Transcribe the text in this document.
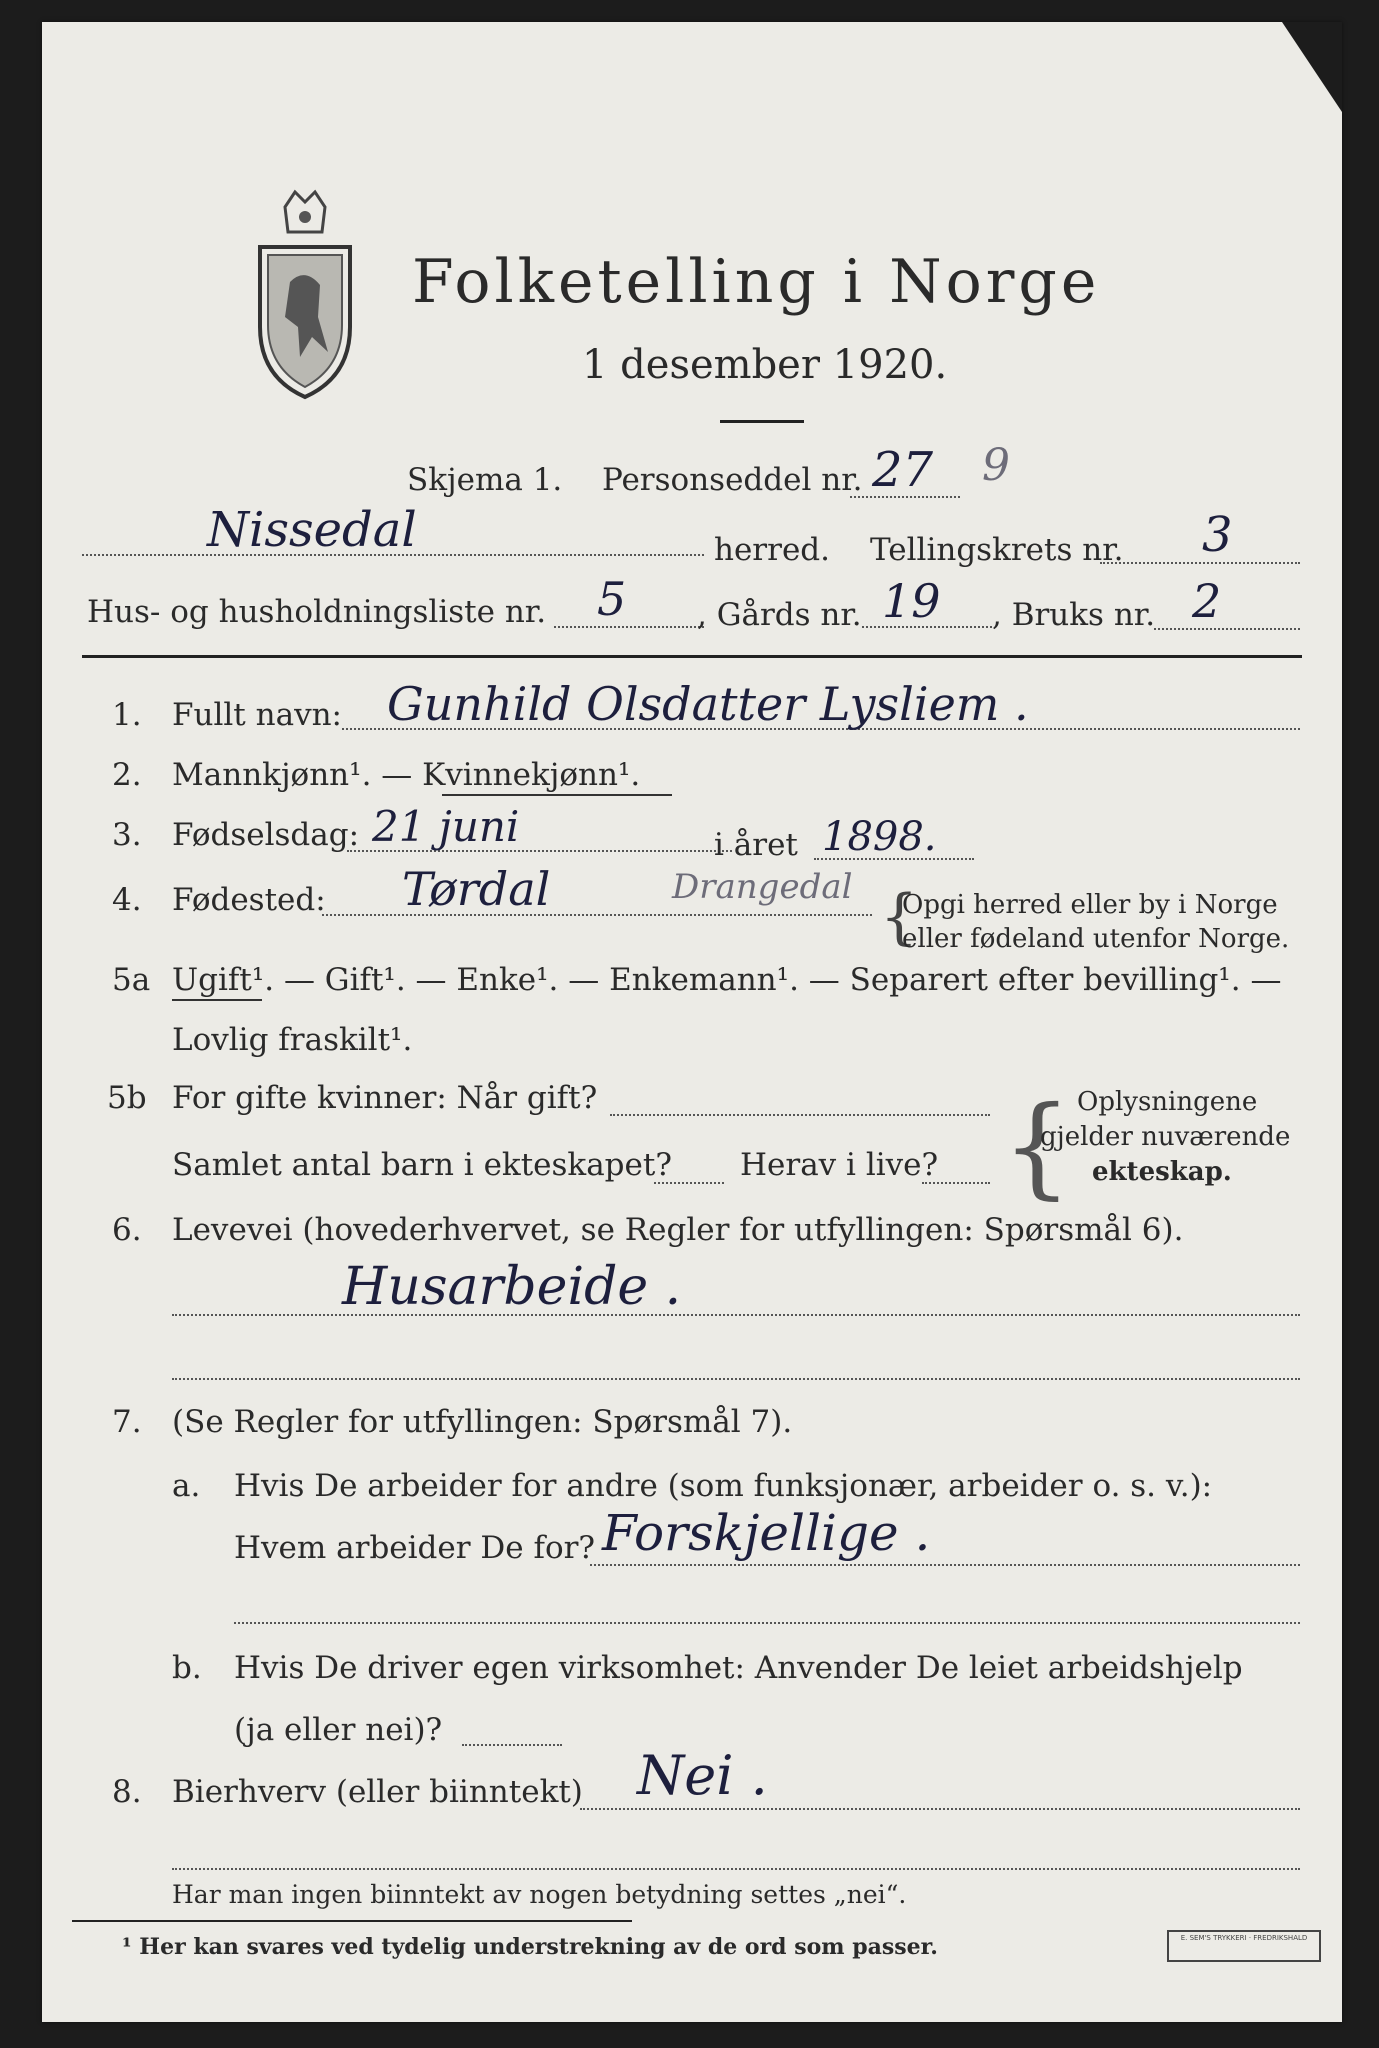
Folketelling i Norge
1 desember 1920.
Skjema 1. Personseddel nr. 27 9
Nissedal	herred. Tellingskrets nr. 3
Hus- og husholdningsliste nr. 5 , Gårds nr. 19 , Bruks nr. 2
1. Fullt navn: Gunhild Olsdatter Lysliem .
2. Mannkjønn¹. — Kvinnekjønn¹.
3. Fødselsdag: 21 juni	i året 1898.
4. Fødested: Tørdal	Drangedal {
Opgi herred eller by i Norge
eller fødeland utenfor Norge.
5a Ugift¹. — Gift¹. — Enke¹. — Enkemann¹. — Separert efter bevilling¹. —
Lovlig fraskilt¹.
5b For gifte kvinner: Når gift?
Samlet antal barn i ekteskapet? Herav i live? { Oplysningene
gjelder nuværende
ekteskap.
6. Levevei (hovederhvervet, se Regler for utfyllingen: Spørsmål 6).
Husarbeide .
7. (Se Regler for utfyllingen: Spørsmål 7).
a. Hvis De arbeider for andre (som funksjonær, arbeider o. s. v.):
Hvem arbeider De for? Forskjellige .
b. Hvis De driver egen virksomhet: Anvender De leiet arbeidshjelp
(ja eller nei)?
8. Bierhverv (eller biinntekt) Nei .
Har man ingen biinntekt av nogen betydning settes „nei“.
¹ Her kan svares ved tydelig understrekning av de ord som passer.	E. SEM'S TRYKKERI · FREDRIKSHALD
